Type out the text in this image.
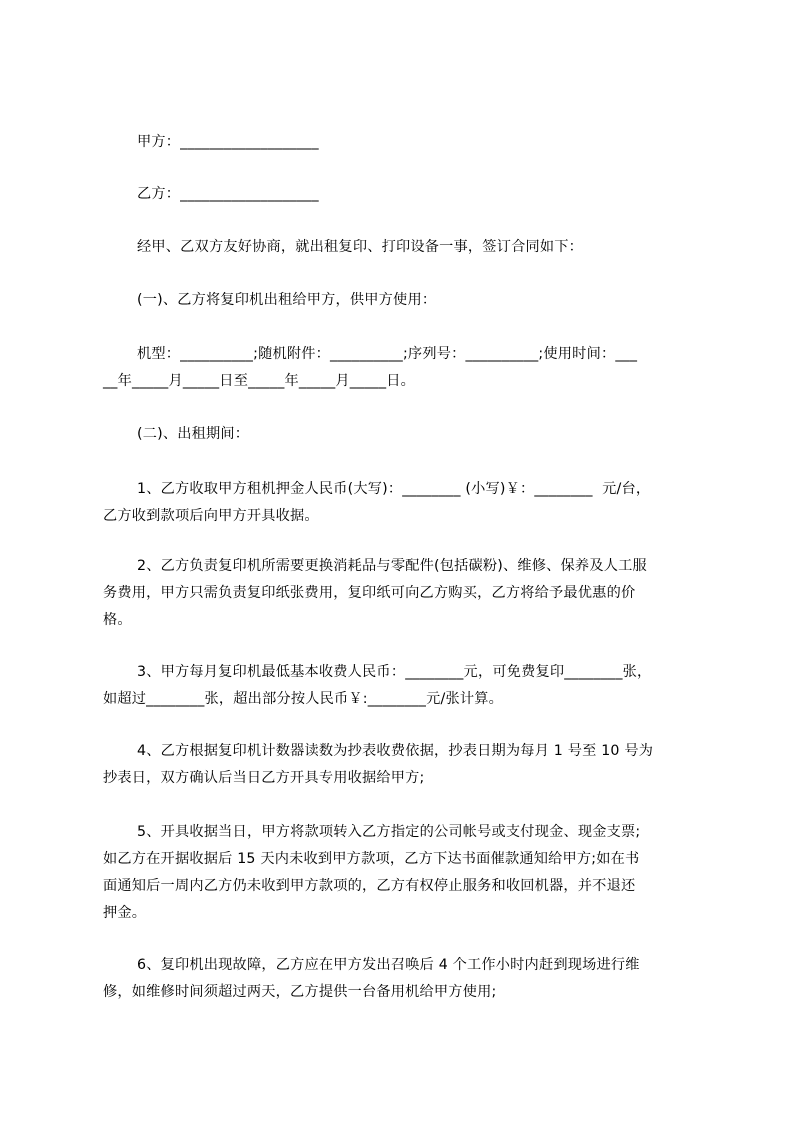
甲方：___________________
乙方：___________________
经甲、乙双方友好协商，就出租复印、打印设备一事，签订合同如下：
(一)、乙方将复印机出租给甲方，供甲方使用：
机型：__________;随机附件：__________;序列号：__________;使用时间：___
__年_____月_____日至_____年_____月_____日。
(二)、出租期间：
1、乙方收取甲方租机押金人民币(大写)：________ (小写)￥：________  元/台，
乙方收到款项后向甲方开具收据。
2、乙方负责复印机所需要更换消耗品与零配件(包括碳粉)、维修、保养及人工服
务费用，甲方只需负责复印纸张费用，复印纸可向乙方购买，乙方将给予最优惠的价
格。
3、甲方每月复印机最低基本收费人民币：________元，可免费复印________张，
如超过________张，超出部分按人民币￥:________元/张计算。
4、乙方根据复印机计数器读数为抄表收费依据，抄表日期为每月 1 号至 10 号为
抄表日，双方确认后当日乙方开具专用收据给甲方;
5、开具收据当日，甲方将款项转入乙方指定的公司帐号或支付现金、现金支票;
如乙方在开据收据后 15 天内未收到甲方款项，乙方下达书面催款通知给甲方;如在书
面通知后一周内乙方仍未收到甲方款项的，乙方有权停止服务和收回机器，并不退还
押金。
6、复印机出现故障，乙方应在甲方发出召唤后 4 个工作小时内赶到现场进行维
修，如维修时间须超过两天，乙方提供一台备用机给甲方使用;
